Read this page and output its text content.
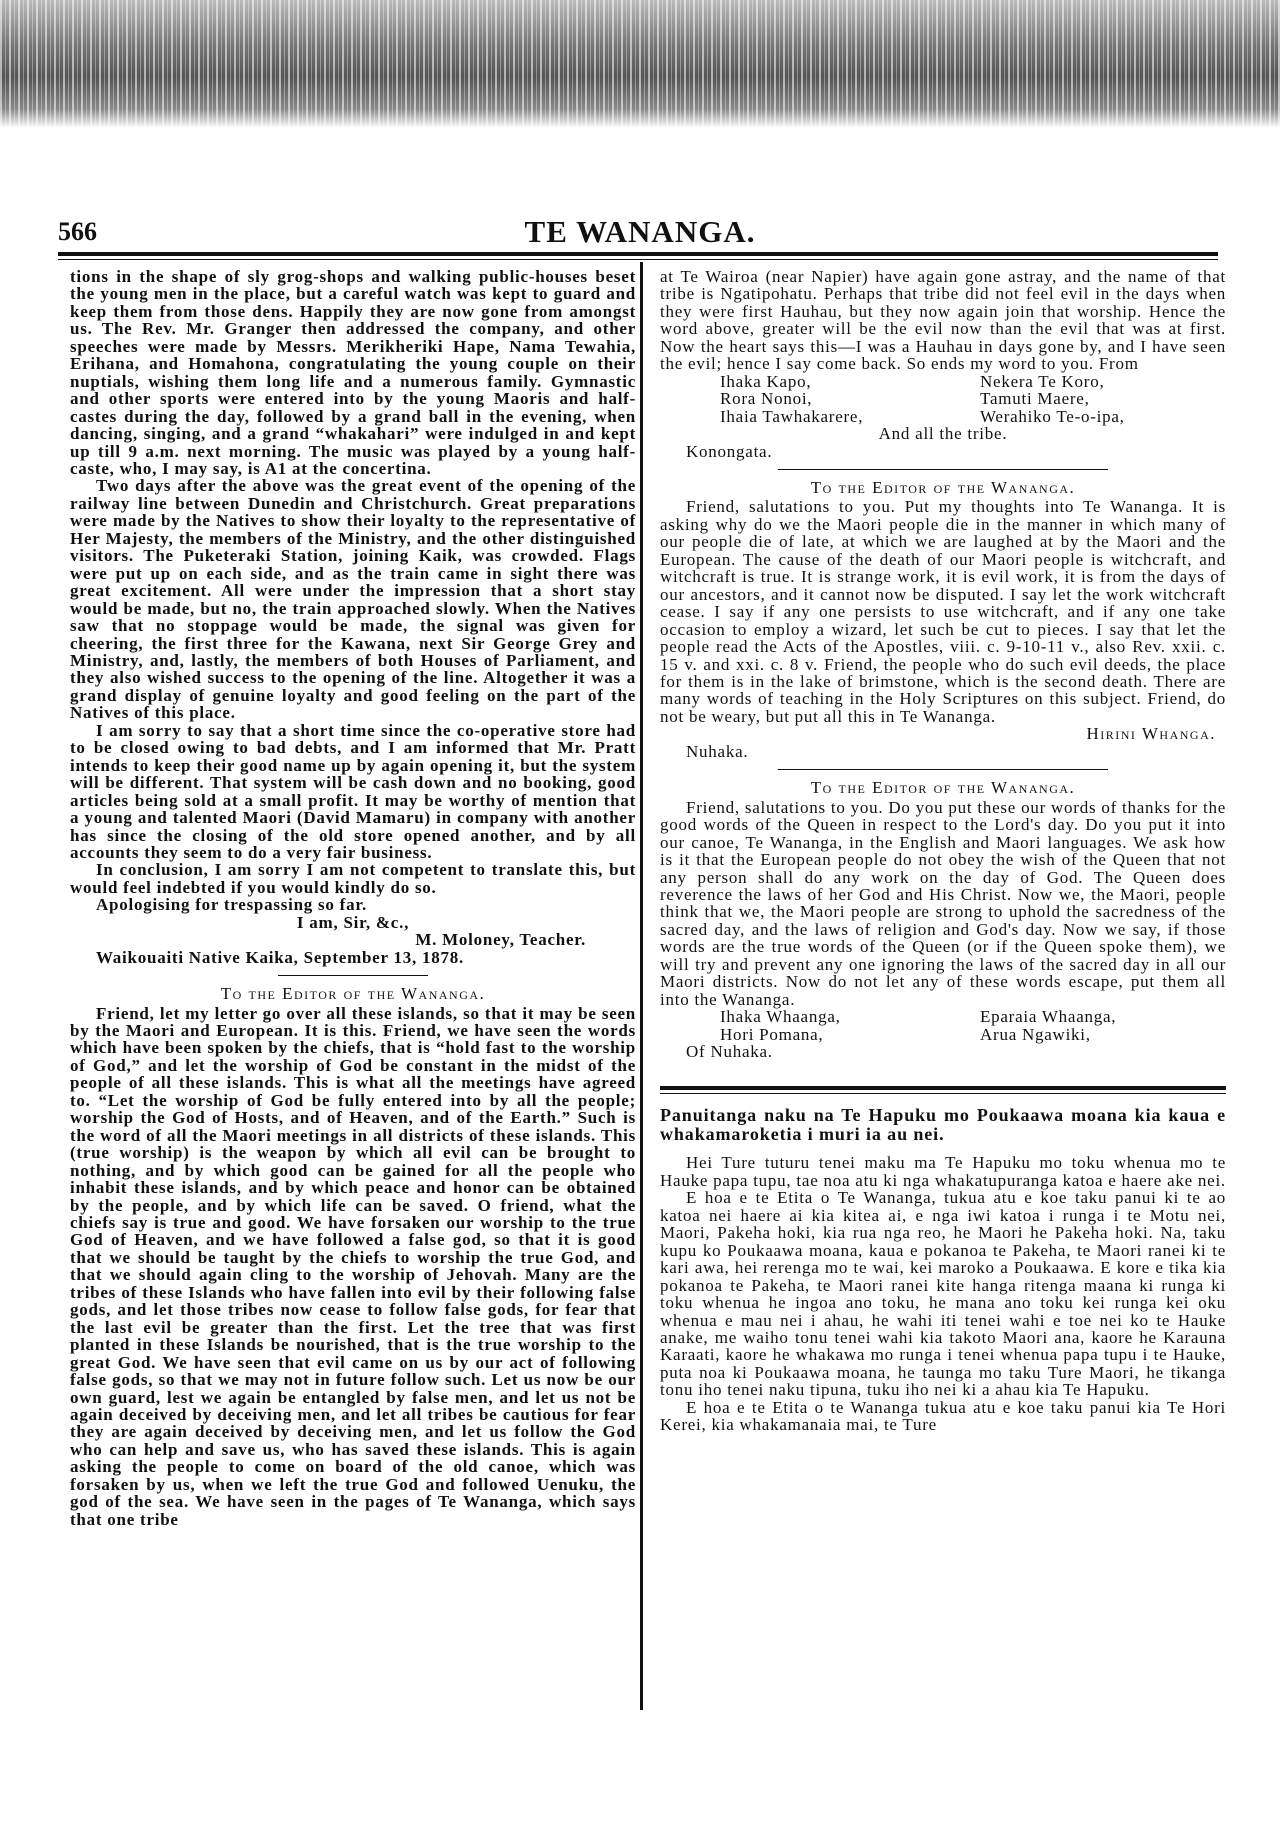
566	TE WANANGA.

tions in the shape of sly grog-shops and walking public-houses beset the young men in the place, but a careful watch was kept to guard and keep them from those dens. Happily they are now gone from amongst us. The Rev. Mr. Granger then addressed the company, and other speeches were made by Messrs. Merikheriki Hape, Nama Tewahia, Erihana, and Homahona, congratulating the young couple on their nuptials, wishing them long life and a numerous family. Gymnastic and other sports were entered into by the young Maoris and half-castes during the day, followed by a grand ball in the evening, when dancing, singing, and a grand “whakahari” were indulged in and kept up till 9 a.m. next morning. The music was played by a young half-caste, who, I may say, is A1 at the concertina.

Two days after the above was the great event of the opening of the railway line between Dunedin and Christchurch. Great preparations were made by the Natives to show their loyalty to the representative of Her Majesty, the members of the Ministry, and the other distinguished visitors. The Puketeraki Station, joining Kaik, was crowded. Flags were put up on each side, and as the train came in sight there was great excitement. All were under the impression that a short stay would be made, but no, the train approached slowly. When the Natives saw that no stoppage would be made, the signal was given for cheering, the first three for the Kawana, next Sir George Grey and Ministry, and, lastly, the members of both Houses of Parliament, and they also wished success to the opening of the line. Altogether it was a grand display of genuine loyalty and good feeling on the part of the Natives of this place.

I am sorry to say that a short time since the co-operative store had to be closed owing to bad debts, and I am informed that Mr. Pratt intends to keep their good name up by again opening it, but the system will be different. That system will be cash down and no booking, good articles being sold at a small profit. It may be worthy of mention that a young and talented Maori (David Mamaru) in company with another has since the closing of the old store opened another, and by all accounts they seem to do a very fair business.

In conclusion, I am sorry I am not competent to translate this, but would feel indebted if you would kindly do so.

Apologising for trespassing so far.

I am, Sir, &c.,

M. Moloney, Teacher.

Waikouaiti Native Kaika, September 13, 1878.

To the Editor of the Wananga.

Friend, let my letter go over all these islands, so that it may be seen by the Maori and European. It is this. Friend, we have seen the words which have been spoken by the chiefs, that is “hold fast to the worship of God,” and let the worship of God be constant in the midst of the people of all these islands. This is what all the meetings have agreed to. “Let the worship of God be fully entered into by all the people; worship the God of Hosts, and of Heaven, and of the Earth.” Such is the word of all the Maori meetings in all districts of these islands. This (true worship) is the weapon by which all evil can be brought to nothing, and by which good can be gained for all the people who inhabit these islands, and by which peace and honor can be obtained by the people, and by which life can be saved. O friend, what the chiefs say is true and good. We have forsaken our worship to the true God of Heaven, and we have followed a false god, so that it is good that we should be taught by the chiefs to worship the true God, and that we should again cling to the worship of Jehovah. Many are the tribes of these Islands who have fallen into evil by their following false gods, and let those tribes now cease to follow false gods, for fear that the last evil be greater than the first. Let the tree that was first planted in these Islands be nourished, that is the true worship to the great God. We have seen that evil came on us by our act of following false gods, so that we may not in future follow such. Let us now be our own guard, lest we again be entangled by false men, and let us not be again deceived by deceiving men, and let all tribes be cautious for fear they are again deceived by deceiving men, and let us follow the God who can help and save us, who has saved these islands. This is again asking the people to come on board of the old canoe, which was forsaken by us, when we left the true God and followed Uenuku, the god of the sea. We have seen in the pages of Te Wananga, which says that one tribe

at Te Wairoa (near Napier) have again gone astray, and the name of that tribe is Ngatipohatu. Perhaps that tribe did not feel evil in the days when they were first Hauhau, but they now again join that worship. Hence the word above, greater will be the evil now than the evil that was at first. Now the heart says this—I was a Hauhau in days gone by, and I have seen the evil; hence I say come back. So ends my word to you. From

Ihaka Kapo,	Nekera Te Koro,
Rora Nonoi,	Tamuti Maere,
Ihaia Tawhakarere,	Werahiko Te-o-ipa,

And all the tribe.

Konongata.

To the Editor of the Wananga.

Friend, salutations to you. Put my thoughts into Te Wananga. It is asking why do we the Maori people die in the manner in which many of our people die of late, at which we are laughed at by the Maori and the European. The cause of the death of our Maori people is witchcraft, and witchcraft is true. It is strange work, it is evil work, it is from the days of our ancestors, and it cannot now be disputed. I say let the work witchcraft cease. I say if any one persists to use witchcraft, and if any one take occasion to employ a wizard, let such be cut to pieces. I say that let the people read the Acts of the Apostles, viii. c. 9-10-11 v., also Rev. xxii. c. 15 v. and xxi. c. 8 v. Friend, the people who do such evil deeds, the place for them is in the lake of brimstone, which is the second death. There are many words of teaching in the Holy Scriptures on this subject. Friend, do not be weary, but put all this in Te Wananga.

Hirini Whanga.

Nuhaka.

To the Editor of the Wananga.

Friend, salutations to you. Do you put these our words of thanks for the good words of the Queen in respect to the Lord's day. Do you put it into our canoe, Te Wananga, in the English and Maori languages. We ask how is it that the European people do not obey the wish of the Queen that not any person shall do any work on the day of God. The Queen does reverence the laws of her God and His Christ. Now we, the Maori, people think that we, the Maori people are strong to uphold the sacredness of the sacred day, and the laws of religion and God's day. Now we say, if those words are the true words of the Queen (or if the Queen spoke them), we will try and prevent any one ignoring the laws of the sacred day in all our Maori districts. Now do not let any of these words escape, put them all into the Wananga.

Ihaka Whaanga,	Eparaia Whaanga,
Hori Pomana,	Arua Ngawiki,

Of Nuhaka.

Panuitanga naku na Te Hapuku mo Poukaawa moana kia kaua e whakamaroketia i muri ia au nei.

Hei Ture tuturu tenei maku ma Te Hapuku mo toku whenua mo te Hauke papa tupu, tae noa atu ki nga whakatupuranga katoa e haere ake nei.

E hoa e te Etita o Te Wananga, tukua atu e koe taku panui ki te ao katoa nei haere ai kia kitea ai, e nga iwi katoa i runga i te Motu nei, Maori, Pakeha hoki, kia rua nga reo, he Maori he Pakeha hoki. Na, taku kupu ko Poukaawa moana, kaua e pokanoa te Pakeha, te Maori ranei ki te kari awa, hei rerenga mo te wai, kei maroko a Poukaawa. E kore e tika kia pokanoa te Pakeha, te Maori ranei kite hanga ritenga maana ki runga ki toku whenua he ingoa ano toku, he mana ano toku kei runga kei oku whenua e mau nei i ahau, he wahi iti tenei wahi e toe nei ko te Hauke anake, me waiho tonu tenei wahi kia takoto Maori ana, kaore he Karauna Karaati, kaore he whakawa mo runga i tenei whenua papa tupu i te Hauke, puta noa ki Poukaawa moana, he taunga mo taku Ture Maori, he tikanga tonu iho tenei naku tipuna, tuku iho nei ki a ahau kia Te Hapuku.

E hoa e te Etita o te Wananga tukua atu e koe taku panui kia Te Hori Kerei, kia whakamanaia mai, te Ture
